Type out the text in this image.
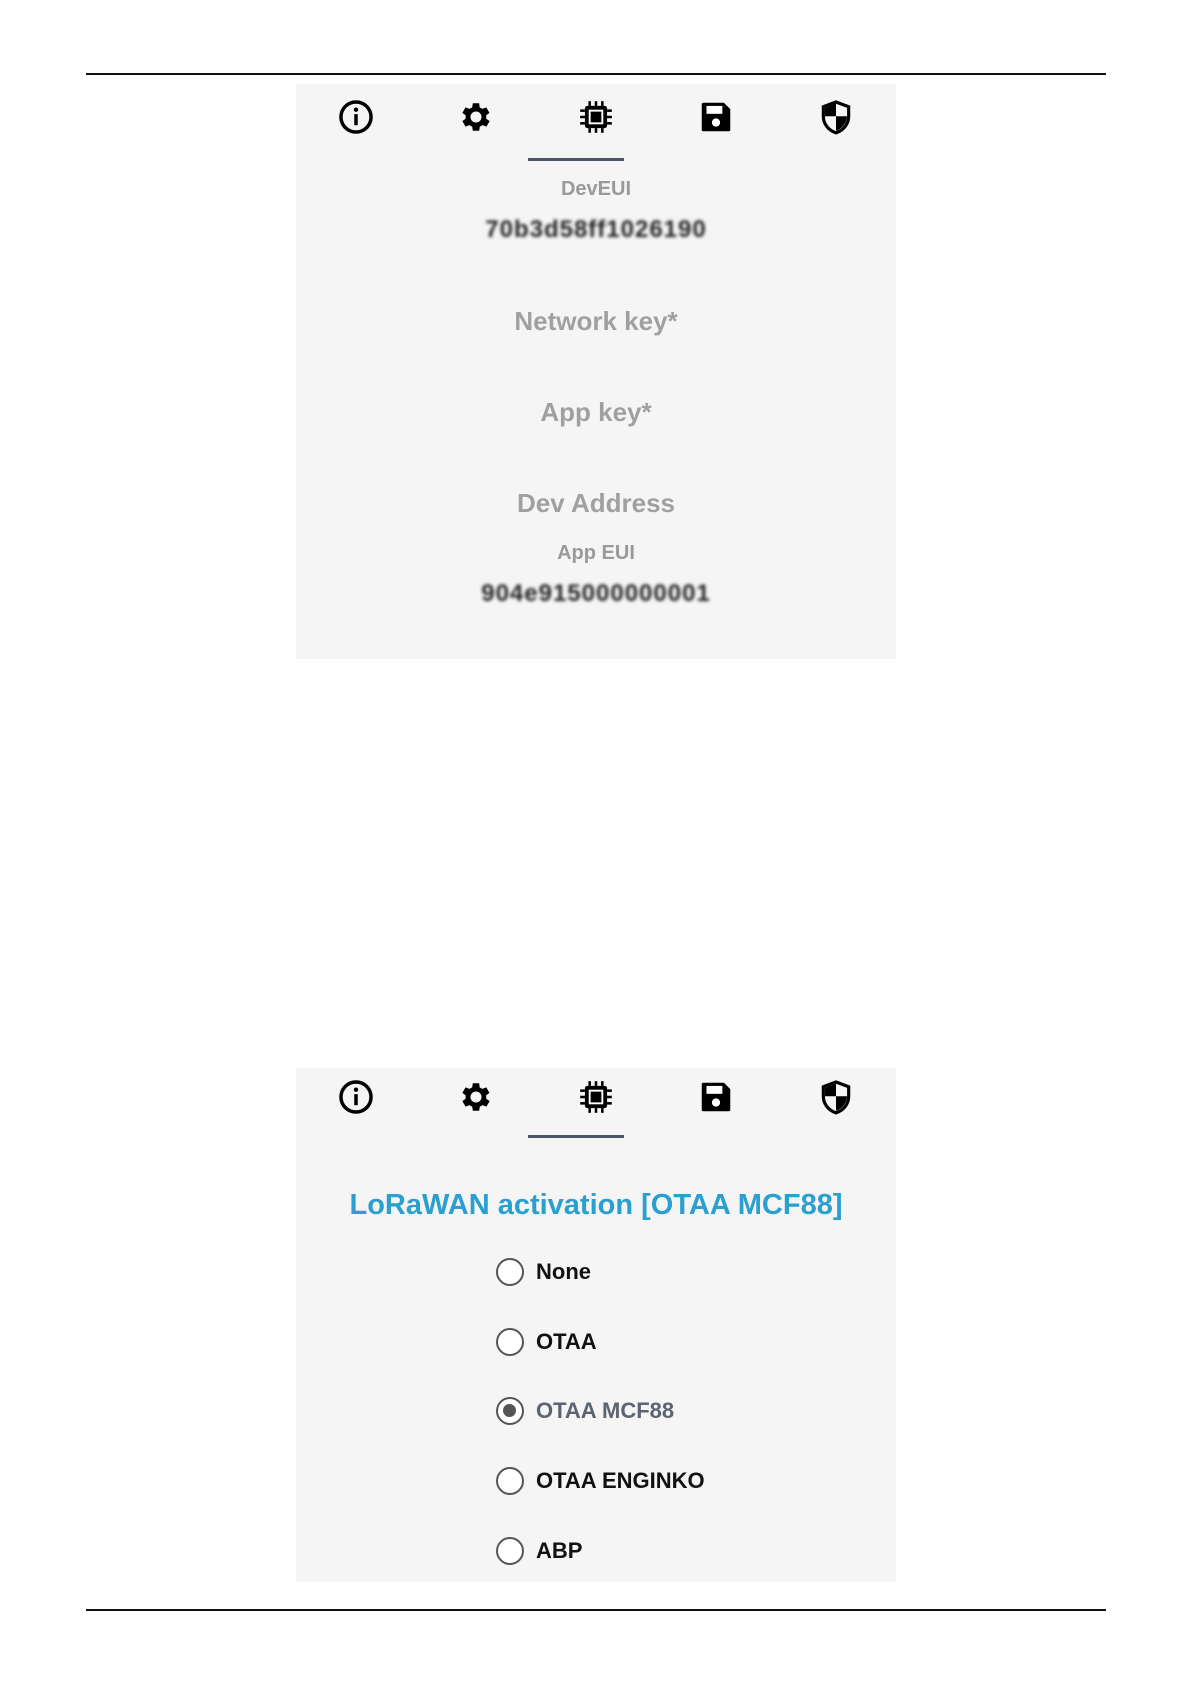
DevEUI
70b3d58ff1026190
Network key*
App key*
Dev Address
App EUI
904e915000000001
LoRaWAN activation [OTAA MCF88]
None
OTAA
OTAA MCF88
OTAA ENGINKO
ABP
